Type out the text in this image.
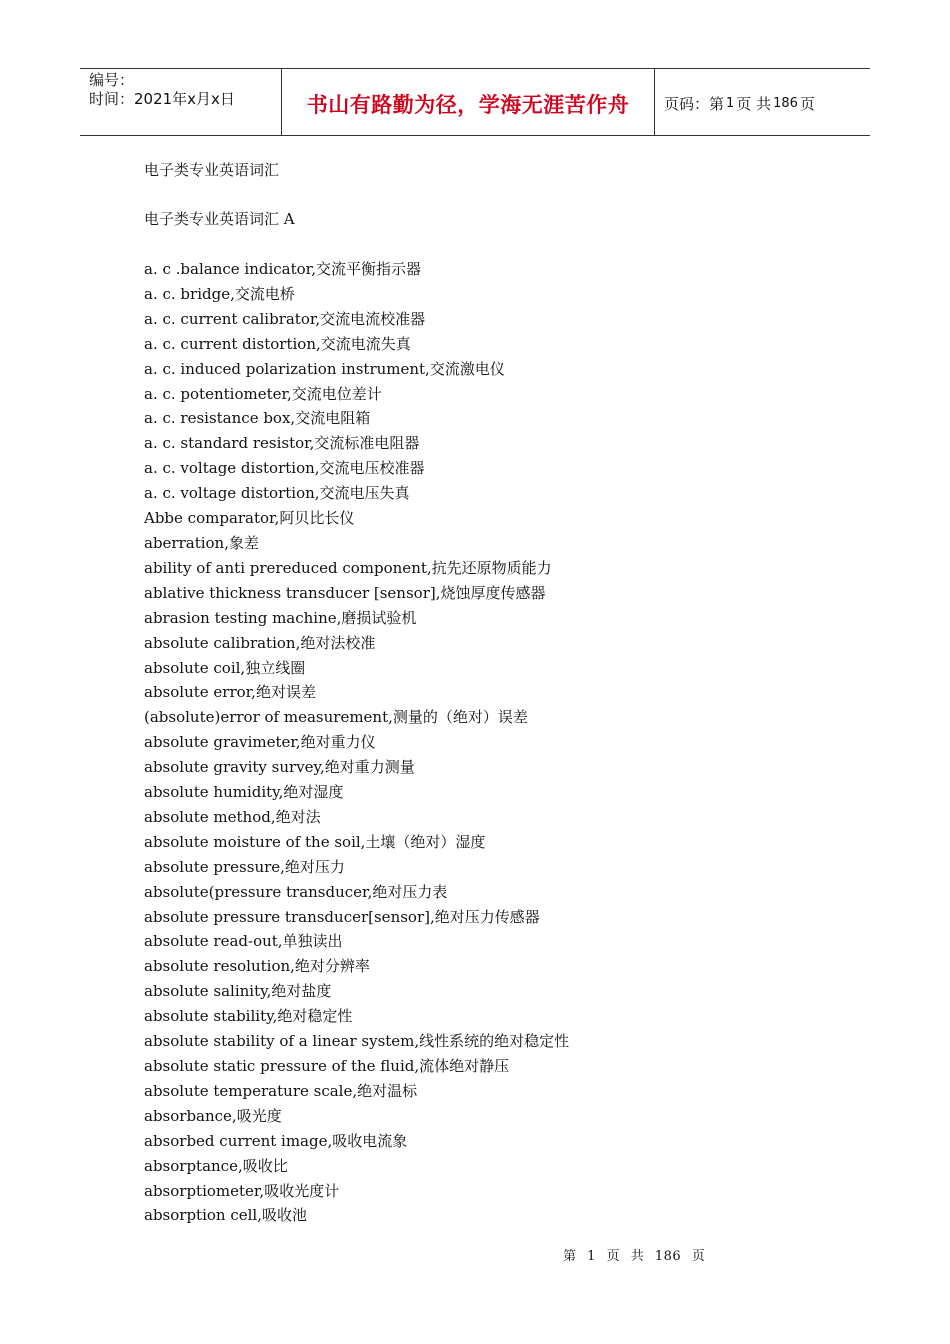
编号：
时间：2021年x月x日	书山有路勤为径，学海无涯苦作舟	页码：第 1 页 共 186 页
电子类专业英语词汇
电子类专业英语词汇 A
a. c .balance indicator,交流平衡指示器
a. c. bridge,交流电桥
a. c. current calibrator,交流电流校准器
a. c. current distortion,交流电流失真
a. c. induced polarization instrument,交流激电仪
a. c. potentiometer,交流电位差计
a. c. resistance box,交流电阻箱
a. c. standard resistor,交流标准电阻器
a. c. voltage distortion,交流电压校准器
a. c. voltage distortion,交流电压失真
Abbe comparator,阿贝比长仪
aberration,象差
ability of anti prereduced component,抗先还原物质能力
ablative thickness transducer [sensor],烧蚀厚度传感器
abrasion testing machine,磨损试验机
absolute calibration,绝对法校准
absolute coil,独立线圈
absolute error,绝对误差
(absolute)error of measurement,测量的（绝对）误差
absolute gravimeter,绝对重力仪
absolute gravity survey,绝对重力测量
absolute humidity,绝对湿度
absolute method,绝对法
absolute moisture of the soil,土壤（绝对）湿度
absolute pressure,绝对压力
absolute(pressure transducer,绝对压力表
absolute pressure transducer[sensor],绝对压力传感器
absolute read-out,单独读出
absolute resolution,绝对分辨率
absolute salinity,绝对盐度
absolute stability,绝对稳定性
absolute stability of a linear system,线性系统的绝对稳定性
absolute static pressure of the fluid,流体绝对静压
absolute temperature scale,绝对温标
absorbance,吸光度
absorbed current image,吸收电流象
absorptance,吸收比
absorptiometer,吸收光度计
absorption cell,吸收池
第 1 页 共 186 页
